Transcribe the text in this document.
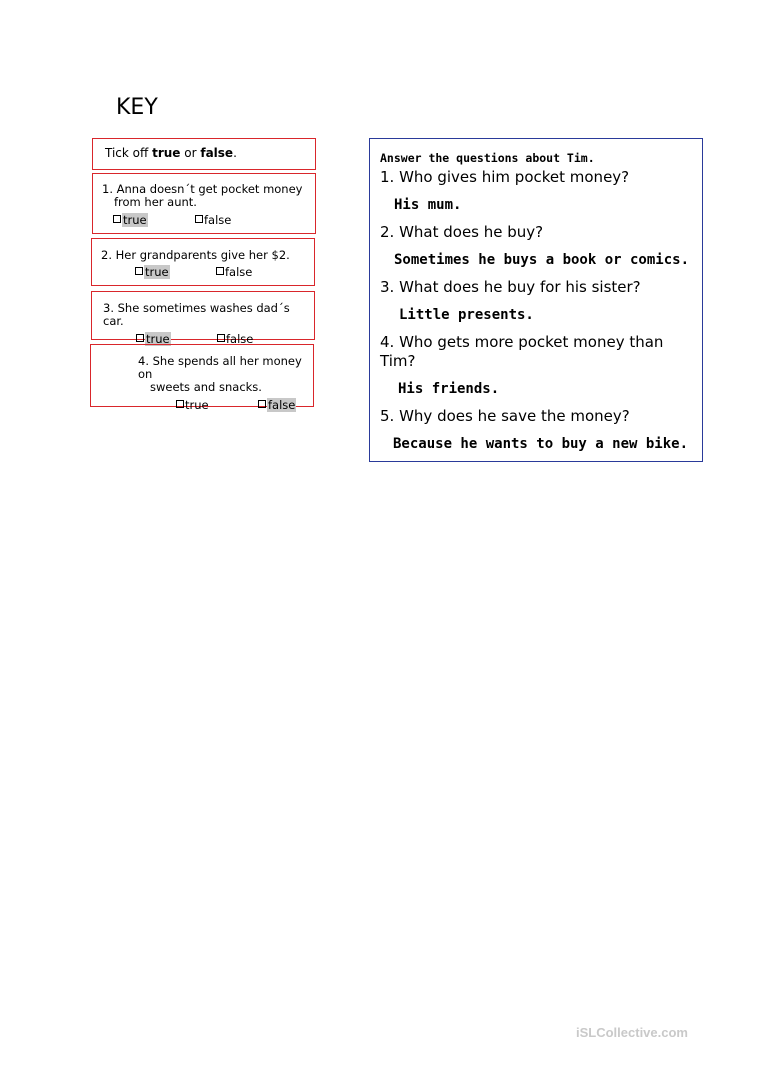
KEY
Tick off true or false.
1. Anna doesn´t get pocket money
from her aunt.
true	false
2. Her grandparents give her $2.
true	false
3. She sometimes washes dad´s car.
true	false
4. She spends all her money on
sweets and snacks.
true	false
Answer the questions about Tim.
1. Who gives him pocket money?
His mum.
2. What does he buy?
Sometimes he buys a book or comics.
3. What does he buy for his sister?
Little presents.
4. Who gets more pocket money than Tim?
His friends.
5. Why does he save the money?
Because he wants to buy a new bike.
iSLCollective.com
